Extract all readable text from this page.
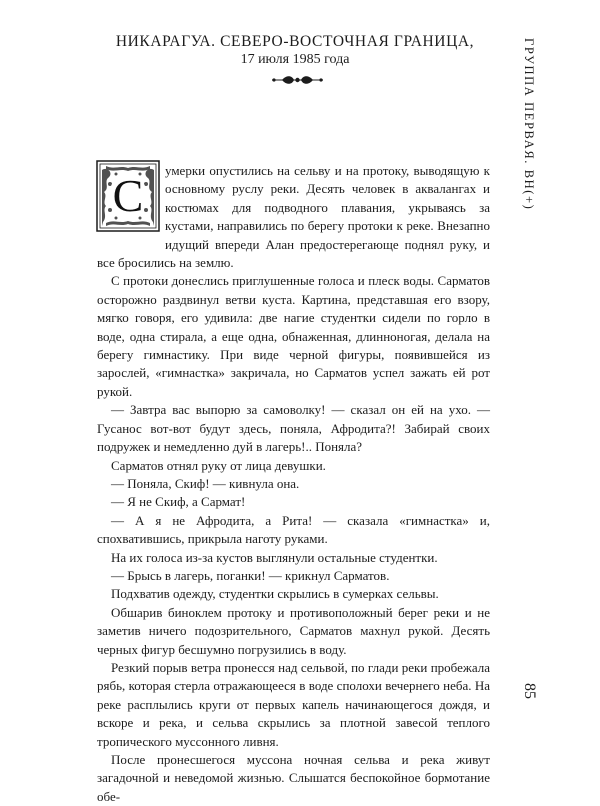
НИКАРАГУА. СЕВЕРО-ВОСТОЧНАЯ ГРАНИЦА,
17 июля 1985 года	ГРУППА ПЕРВАЯ. ВН(+)
С	умерки опустились на сельву и на протоку, выводящую к основному руслу реки. Десять человек в аквалангах и костюмах для подводного плавания, укрываясь за кустами, направились по берегу протоки к реке. Внезапно идущий впереди Алан предостерегающе поднял руку, и все бросились на землю.

С протоки донеслись приглушенные голоса и плеск воды. Сарматов осторожно раздвинул ветви куста. Картина, представшая его взору, мягко говоря, его удивила: две нагие студентки сидели по горло в воде, одна стирала, а еще одна, обнаженная, длинноногая, делала на берегу гимнастику. При виде черной фигуры, появившейся из зарослей, «гимнастка» закричала, но Сарматов успел зажать ей рот рукой.

— Завтра вас выпорю за самоволку! — сказал он ей на ухо. — Гусанос вот-вот будут здесь, поняла, Афродита?! Забирай своих подружек и немедленно дуй в лагерь!.. Поняла?

Сарматов отнял руку от лица девушки.

— Поняла, Скиф! — кивнула она.

— Я не Скиф, а Сармат!

— А я не Афродита, а Рита! — сказала «гимнастка» и, спохватившись, прикрыла наготу руками.

На их голоса из-за кустов выглянули остальные студентки.

— Брысь в лагерь, поганки! — крикнул Сарматов.

Подхватив одежду, студентки скрылись в сумерках сельвы.

Обшарив биноклем протоку и противоположный берег реки и не заметив ничего подозрительного, Сарматов махнул рукой. Десять черных фигур бесшумно погрузились в воду.

Резкий порыв ветра пронесся над сельвой, по глади реки пробежала рябь, которая стерла отражающееся в воде сполохи вечернего неба. На реке расплылись круги от первых капель начинающегося дождя, и вскоре и река, и сельва скрылись за плотной завесой теплого тропического муссонного ливня.

После пронесшегося муссона ночная сельва и река живут загадочной и неведомой жизнью. Слышатся беспокойное бормотание обе-

85
